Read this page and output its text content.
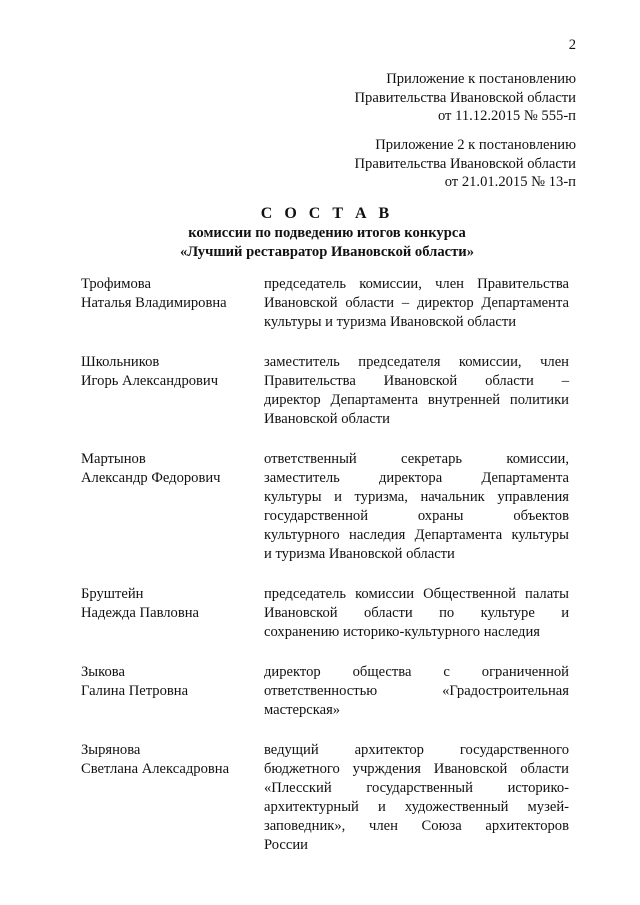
2
Приложение к постановлению
Правительства Ивановской области
от 11.12.2015 № 555-п
Приложение 2 к постановлению
Правительства Ивановской области
от 21.01.2015 № 13-п
С О С Т А В
комиссии по подведению итогов конкурса
«Лучший реставратор Ивановской области»
Трофимова
Наталья Владимировна
председатель комиссии, член Правительства
Ивановской области – директор Департамента
культуры и туризма Ивановской области
Школьников
Игорь Александрович
заместитель председателя комиссии, член
Правительства Ивановской области –
директор Департамента внутренней политики
Ивановской области
Мартынов
Александр Федорович
ответственный секретарь комиссии,
заместитель директора Департамента
культуры и туризма, начальник управления
государственной охраны объектов
культурного наследия Департамента культуры
и туризма Ивановской области
Бруштейн
Надежда Павловна
председатель комиссии Общественной палаты
Ивановской области по культуре и
сохранению историко-культурного наследия
Зыкова
Галина Петровна
директор общества с ограниченной
ответственностью «Градостроительная
мастерская»
Зырянова
Светлана Алексадровна
ведущий архитектор государственного
бюджетного учрждения Ивановской области
«Плесский государственный историко-
архитектурный и художественный музей-
заповедник», член Союза архитекторов
России
